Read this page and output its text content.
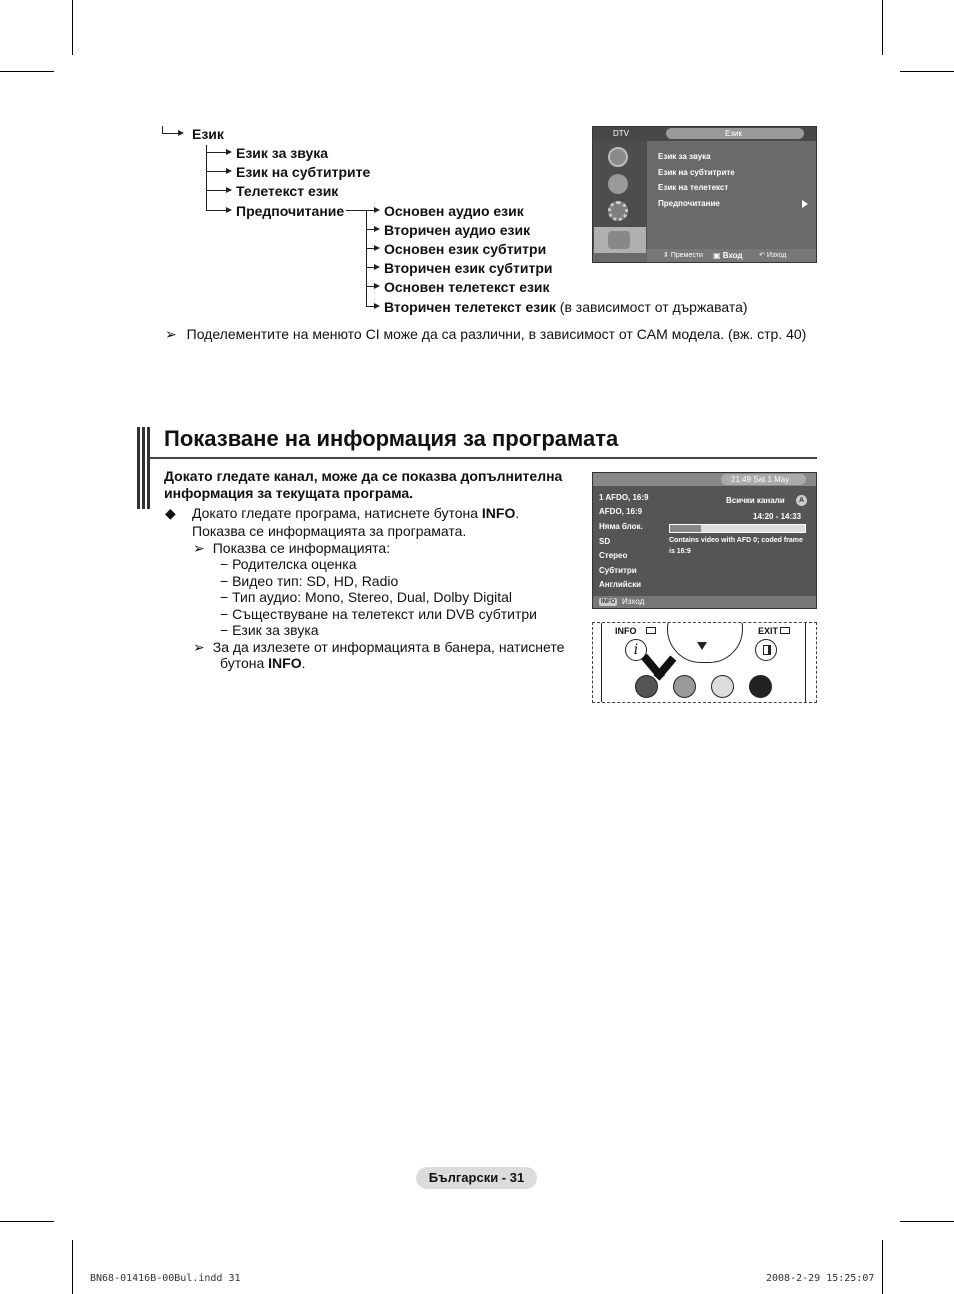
Език
Език за звука
Език на субтитрите
Телетекст език
Предпочитание	Основен аудио език
Вторичен аудио език
Основен език субтитри
Вторичен език субтитри
Основен телетекст език
Вторичен телетекст език (в зависимост от държавата)
➢ Поделементите на менюто CI може да са различни, в зависимост от CAM модела. (вж. стр. 40)
DTV	Език
Език за звука
Език на субтитрите
Език на телетекст
Предпочитание
⇕ Премести ▣ Вход ↶ Изход
Показване на информация за програмата
Докато гледате канал, може да се показва допълнителна информация за текущата програма.
◆ Докато гледате програма, натиснете бутона INFO.
Показва се информацията за програмата.
➢ Показва се информацията:
− Родителска оценка
− Видео тип: SD, HD, Radio
− Тип аудио: Mono, Stereo, Dual, Dolby Digital
− Съществуване на телетекст или DVB субтитри
− Език за звука
➢ За да излезете от информацията в банера, натиснете
бутона INFO.
21:49 Sat 1 May
1 AFDO, 16:9
AFDO, 16:9
Няма блок.
SD
Стерео
Субтитри
Английски
Всички канали	A
14:20 - 14:33
Contains video with AFD 0; coded frame
is 16:9
INFO Изход
INFO	EXIT
i
Български - 31
BN68-01416B-00Bul.indd 31	2008-2-29 15:25:07
